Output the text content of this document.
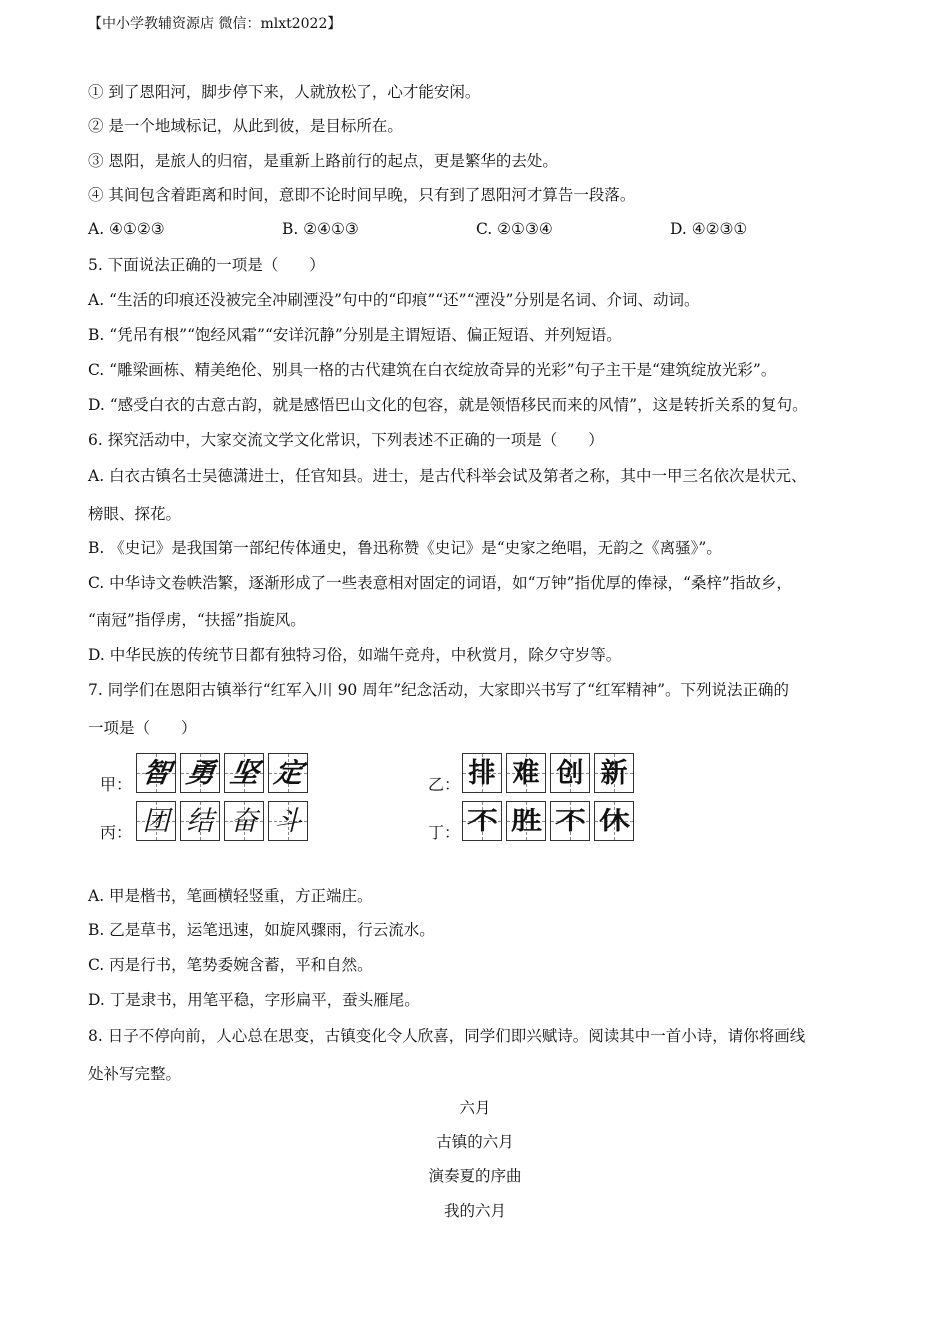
【中小学教辅资源店 微信：mlxt2022】
① 到了恩阳河，脚步停下来，人就放松了，心才能安闲。
② 是一个地域标记，从此到彼，是目标所在。
③ 恩阳，是旅人的归宿，是重新上路前行的起点，更是繁华的去处。
④ 其间包含着距离和时间，意即不论时间早晚，只有到了恩阳河才算告一段落。
A. ④①②③	B. ②④①③	C. ②①③④	D. ④②③①
5. 下面说法正确的一项是（　　）
A. “生活的印痕还没被完全冲刷湮没”句中的“印痕”“还”“湮没”分别是名词、介词、动词。
B. “凭吊有根”“饱经风霜”“安详沉静”分别是主谓短语、偏正短语、并列短语。
C. “雕梁画栋、精美绝伦、别具一格的古代建筑在白衣绽放奇异的光彩”句子主干是“建筑绽放光彩”。
D. “感受白衣的古意古韵，就是感悟巴山文化的包容，就是领悟移民而来的风情”，这是转折关系的复句。
6. 探究活动中，大家交流文学文化常识，下列表述不正确的一项是（　　）
A. 白衣古镇名士吴德潇进士，任官知县。进士，是古代科举会试及第者之称，其中一甲三名依次是状元、
榜眼、探花。
B. 《史记》是我国第一部纪传体通史，鲁迅称赞《史记》是“史家之绝唱，无韵之《离骚》”。
C. 中华诗文卷帙浩繁，逐渐形成了一些表意相对固定的词语，如“万钟”指优厚的俸禄，“桑梓”指故乡，
“南冠”指俘虏，“扶摇”指旋风。
D. 中华民族的传统节日都有独特习俗，如端午竞舟，中秋赏月，除夕守岁等。
7. 同学们在恩阳古镇举行“红军入川 90 周年”纪念活动，大家即兴书写了“红军精神”。下列说法正确的
一项是（　　）
甲： 智 勇 坚 定	乙： 排 难 创 新
丙： 团 结 奋 斗	丁： 不 胜 不 休
A. 甲是楷书，笔画横轻竖重，方正端庄。
B. 乙是草书，运笔迅速，如旋风骤雨，行云流水。
C. 丙是行书，笔势委婉含蓄，平和自然。
D. 丁是隶书，用笔平稳，字形扁平，蚕头雁尾。
8. 日子不停向前，人心总在思变，古镇变化令人欣喜，同学们即兴赋诗。阅读其中一首小诗，请你将画线
处补写完整。
六月
古镇的六月
演奏夏的序曲
我的六月
